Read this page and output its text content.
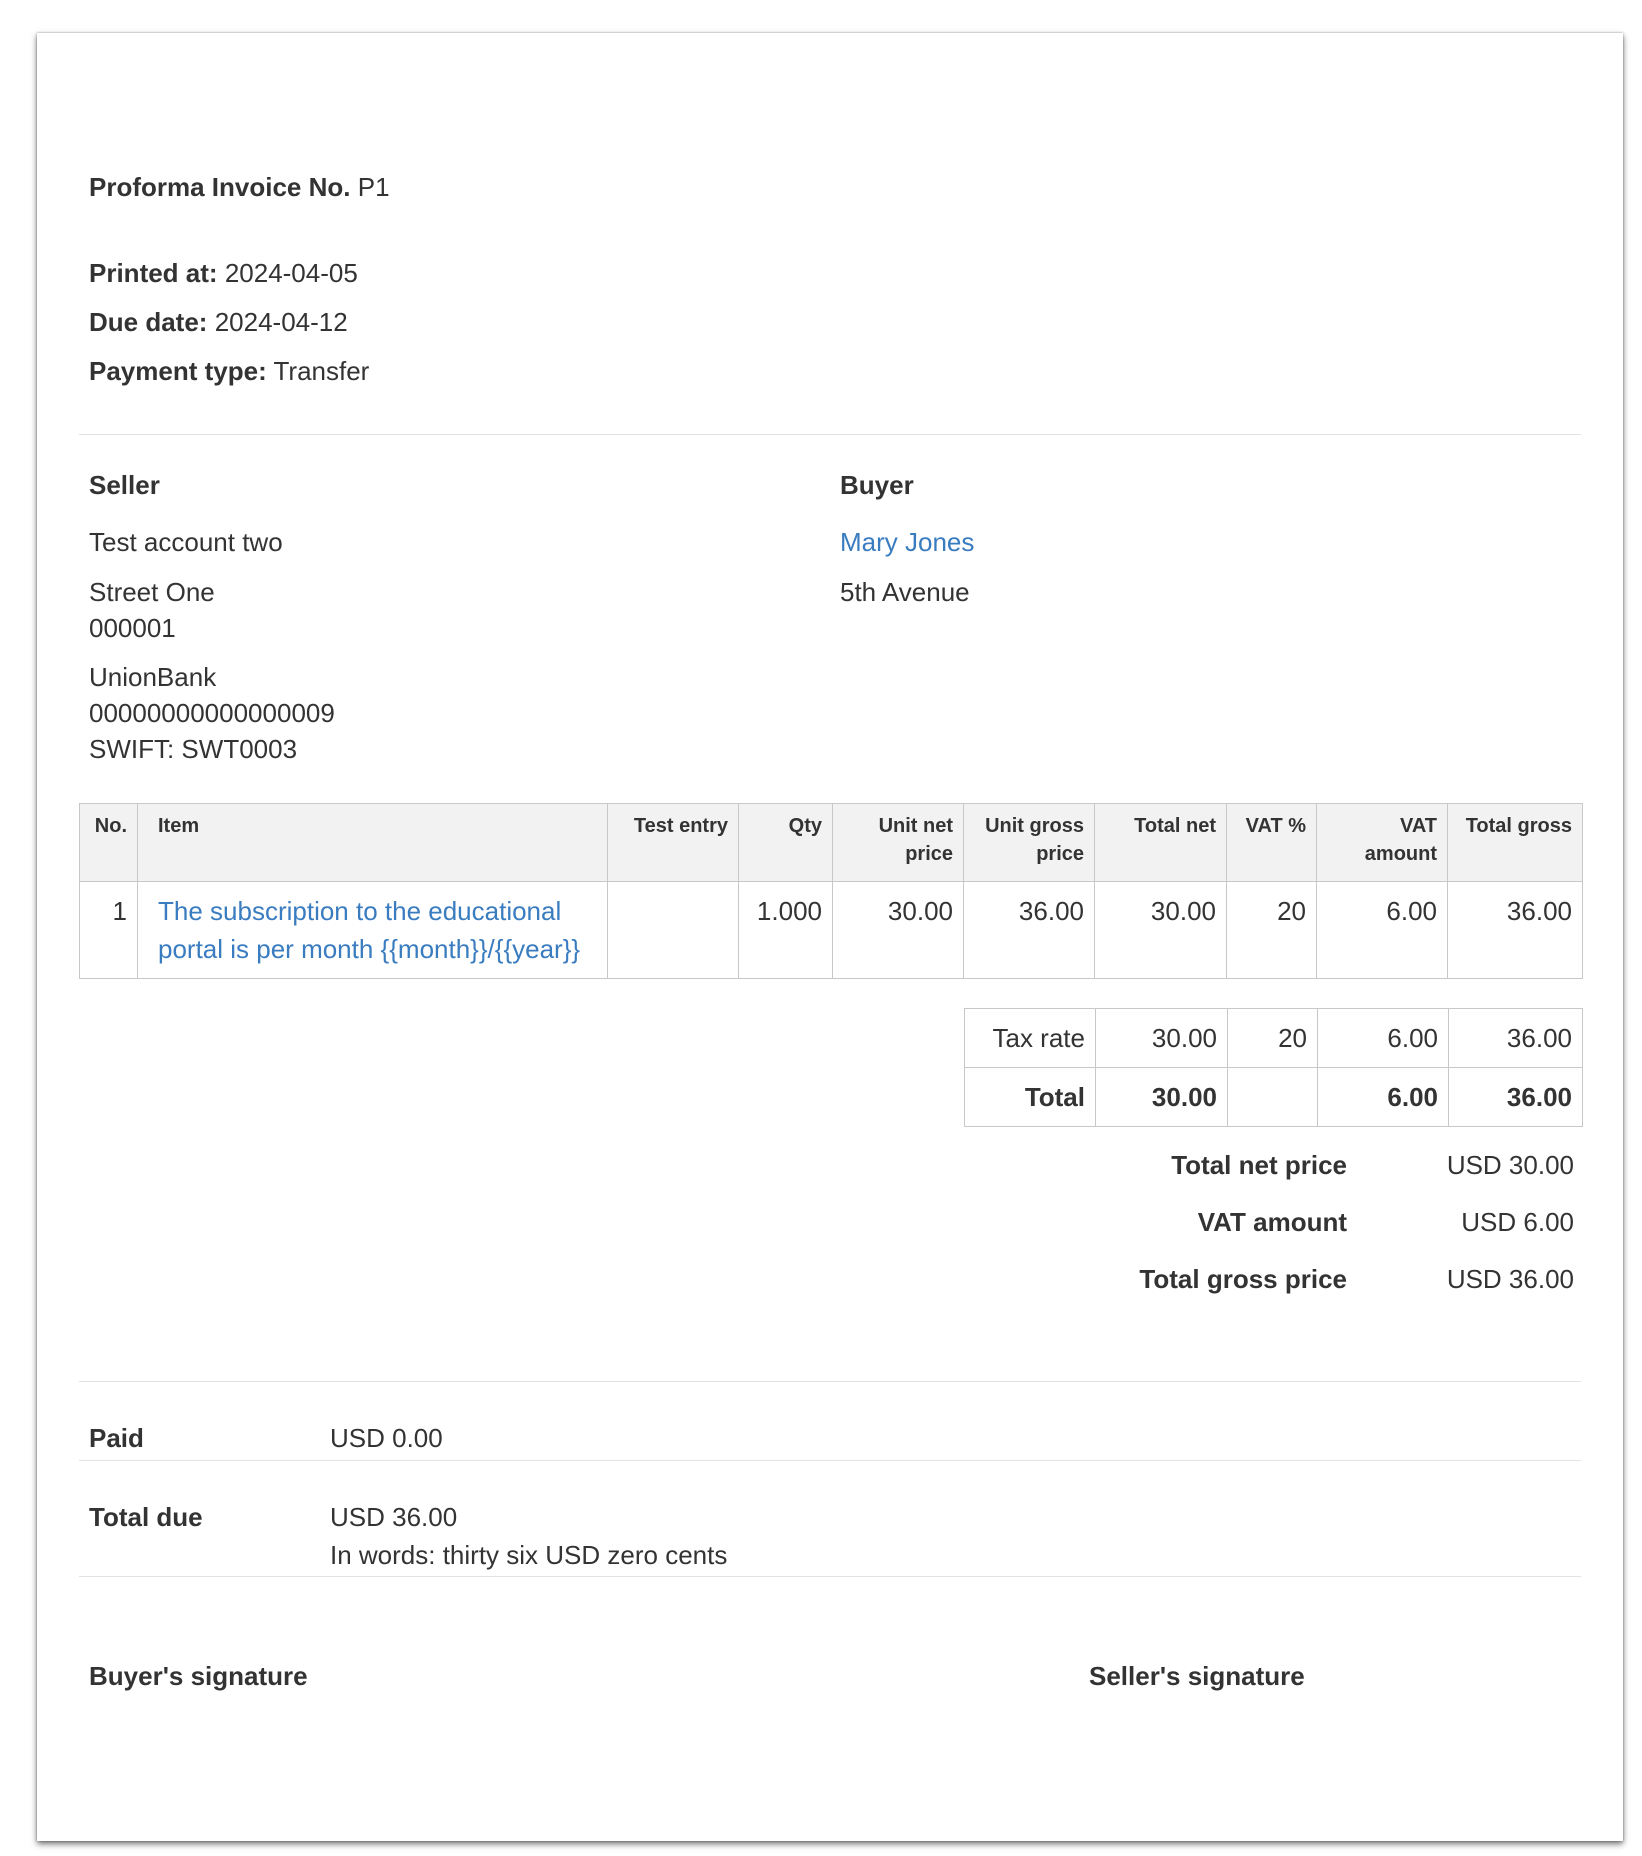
Proforma Invoice No. P1
Printed at: 2024-04-05
Due date: 2024-04-12
Payment type: Transfer
Seller
Test account two
Street One
000001
UnionBank
00000000000000009
SWIFT: SWT0003
Buyer
Mary Jones
5th Avenue
No.	Item	Test entry	Qty	Unit net
price	Unit gross
price	Total net	VAT %	VAT
amount	Total gross
1	The subscription to the educational
portal is per month {{month}}/{{year}}		1.000	30.00	36.00	30.00	20	6.00	36.00
Tax rate	30.00	20	6.00	36.00
Total	30.00		6.00	36.00
Total net price	USD 30.00
VAT amount	USD 6.00
Total gross price	USD 36.00
Paid	USD 0.00
Total due	USD 36.00
In words: thirty six USD zero cents
Buyer's signature	Seller's signature
